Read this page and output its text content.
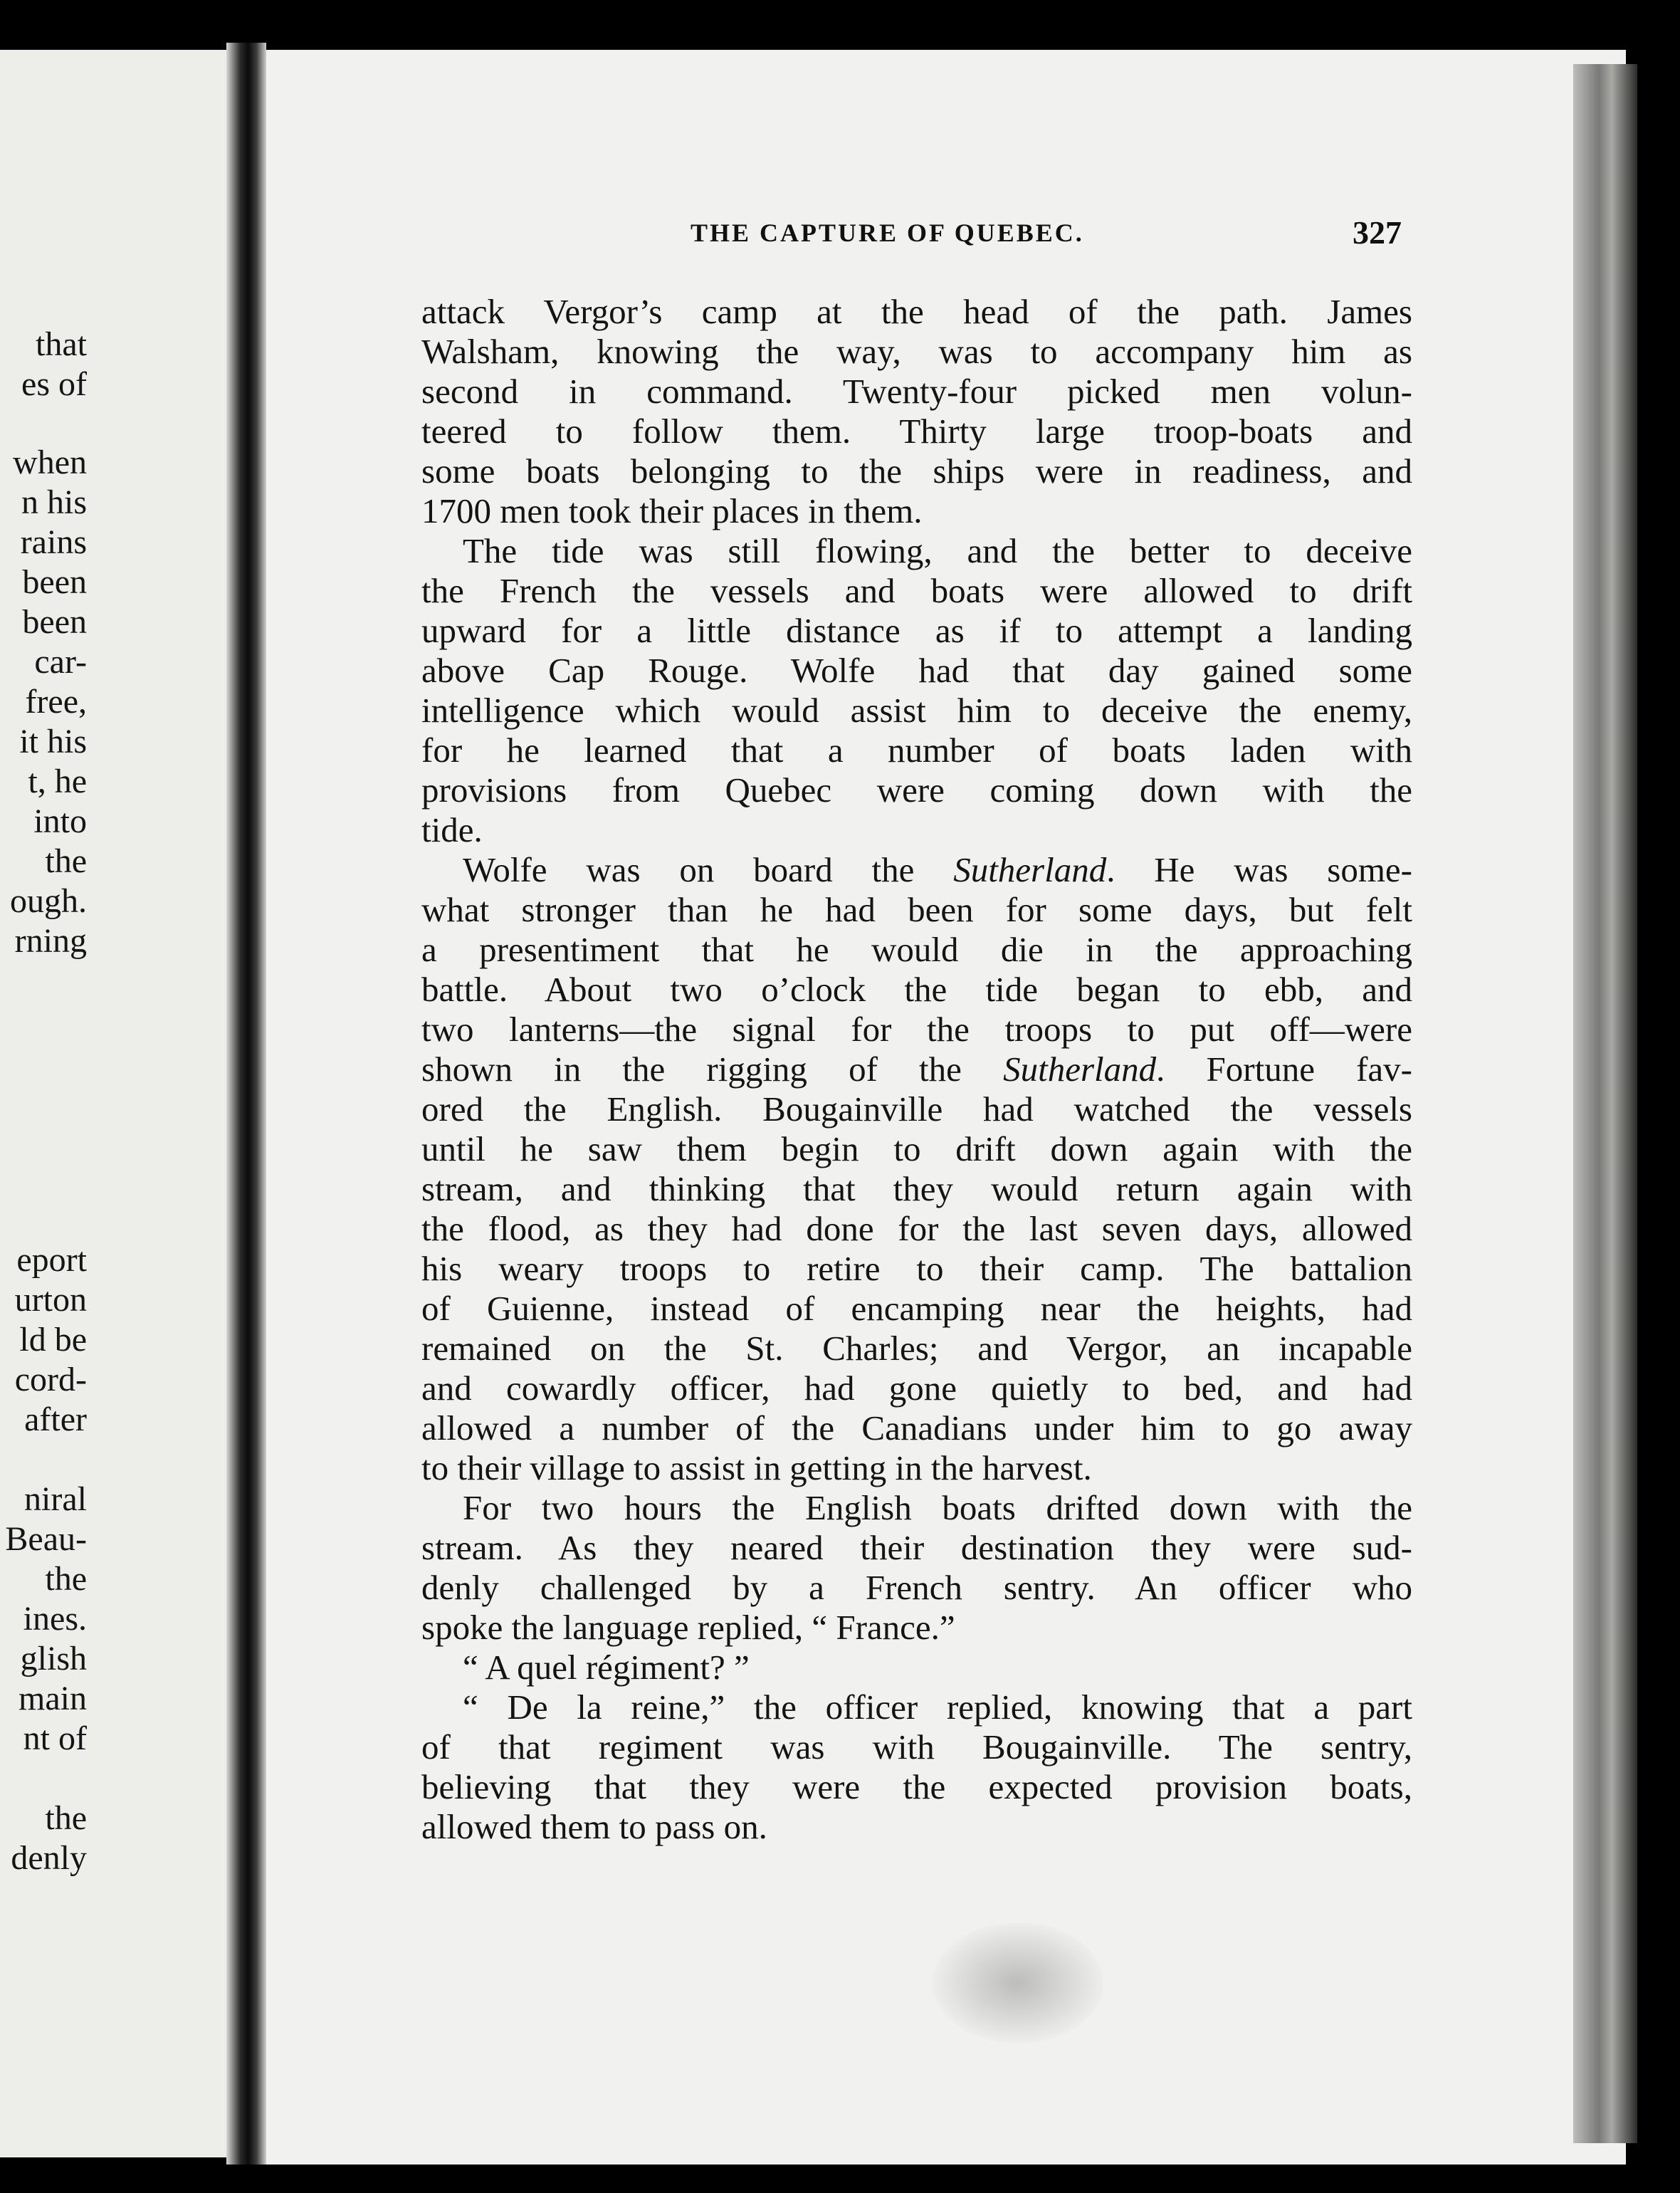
that
es of
when
n his
rains
been
been
car-
free,
it his
t, he
into
the
ough.
rning
eport
urton
ld be
cord-
after
niral
Beau-
the
ines.
glish
main
nt of
the
denly
THE CAPTURE OF QUEBEC.	327
attack Vergor’s camp at the head of the path. James
Walsham, knowing the way, was to accompany him as
second in command. Twenty-four picked men volun-
teered to follow them. Thirty large troop-boats and
some boats belonging to the ships were in readiness, and
1700 men took their places in them.
The tide was still flowing, and the better to deceive
the French the vessels and boats were allowed to drift
upward for a little distance as if to attempt a landing
above Cap Rouge. Wolfe had that day gained some
intelligence which would assist him to deceive the enemy,
for he learned that a number of boats laden with
provisions from Quebec were coming down with the
tide.
Wolfe was on board the Sutherland. He was some-
what stronger than he had been for some days, but felt
a presentiment that he would die in the approaching
battle. About two o’clock the tide began to ebb, and
two lanterns—the signal for the troops to put off—were
shown in the rigging of the Sutherland. Fortune fav-
ored the English. Bougainville had watched the vessels
until he saw them begin to drift down again with the
stream, and thinking that they would return again with
the flood, as they had done for the last seven days, allowed
his weary troops to retire to their camp. The battalion
of Guienne, instead of encamping near the heights, had
remained on the St. Charles; and Vergor, an incapable
and cowardly officer, had gone quietly to bed, and had
allowed a number of the Canadians under him to go away
to their village to assist in getting in the harvest.
For two hours the English boats drifted down with the
stream. As they neared their destination they were sud-
denly challenged by a French sentry. An officer who
spoke the language replied, “ France.”
“ A quel régiment? ”
“ De la reine,” the officer replied, knowing that a part
of that regiment was with Bougainville. The sentry,
believing that they were the expected provision boats,
allowed them to pass on.
